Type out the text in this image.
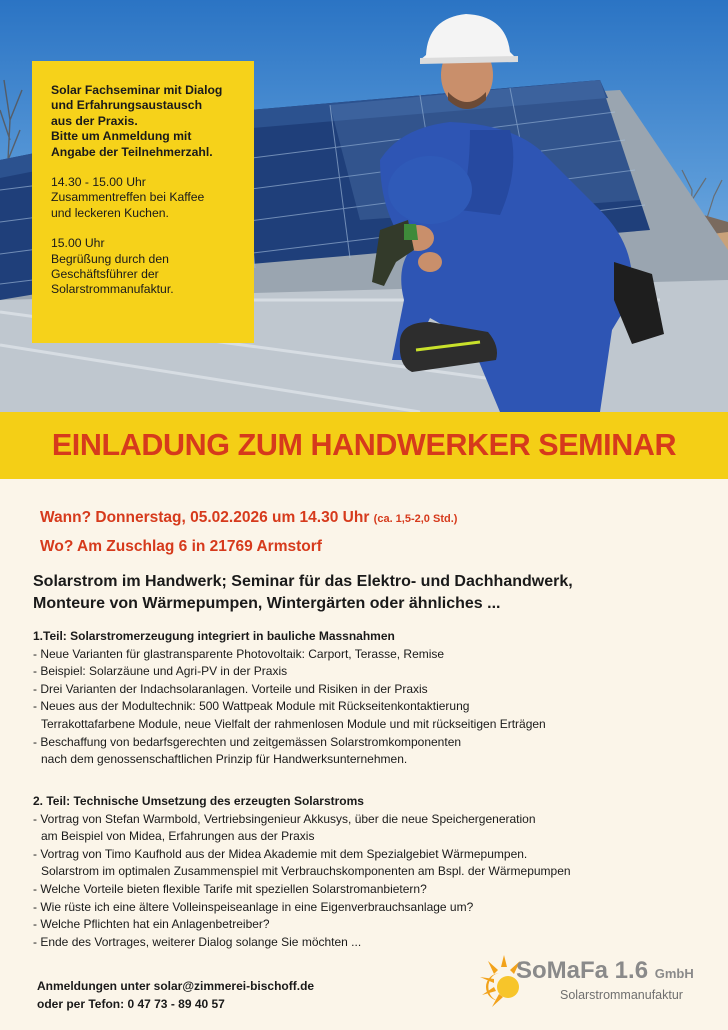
Solar Fachseminar mit Dialog
und Erfahrungsaustausch
aus der Praxis.
Bitte um Anmeldung mit
Angabe der Teilnehmerzahl.

14.30 - 15.00 Uhr
Zusammentreffen bei Kaffee
und leckeren Kuchen.

15.00 Uhr
Begrüßung durch den
Geschäftsführer der
Solarstrommanufaktur.

EINLADUNG ZUM HANDWERKER SEMINAR
Wann? Donnerstag, 05.02.2026 um 14.30 Uhr (ca. 1,5-2,0 Std.)
Wo? Am Zuschlag 6 in 21769 Armstorf
Solarstrom im Handwerk; Seminar für das Elektro- und Dachhandwerk,
Monteure von Wärmepumpen, Wintergärten oder ähnliches ...
1.Teil: Solarstromerzeugung integriert in bauliche Massnahmen
- Neue Varianten für glastransparente Photovoltaik: Carport, Terasse, Remise
- Beispiel: Solarzäune und Agri-PV in der Praxis
- Drei Varianten der Indachsolaranlagen. Vorteile und Risiken in der Praxis
- Neues aus der Modultechnik: 500 Wattpeak Module mit Rückseitenkontaktierung
Terrakottafarbene Module, neue Vielfalt der rahmenlosen Module und mit rückseitigen Erträgen
- Beschaffung von bedarfsgerechten und zeitgemässen Solarstromkomponenten
nach dem genossenschaftlichen Prinzip für Handwerksunternehmen.
2. Teil: Technische Umsetzung des erzeugten Solarstroms
- Vortrag von Stefan Warmbold, Vertriebsingenieur Akkusys, über die neue Speichergeneration
am Beispiel von Midea, Erfahrungen aus der Praxis
- Vortrag von Timo Kaufhold aus der Midea Akademie mit dem Spezialgebiet Wärmepumpen.
Solarstrom im optimalen Zusammenspiel mit Verbrauchskomponenten am Bspl. der Wärmepumpen
- Welche Vorteile bieten flexible Tarife mit speziellen Solarstromanbietern?
- Wie rüste ich eine ältere Volleinspeiseanlage in eine Eigenverbrauchsanlage um?
- Welche Pflichten hat ein Anlagenbetreiber?
- Ende des Vortrages, weiterer Dialog solange Sie möchten ...
Anmeldungen unter solar@zimmerei-bischoff.de
oder per Tefon: 0 47 73 - 89 40 57
SoMaFa 1.6 GmbH
Solarstrommanufaktur
